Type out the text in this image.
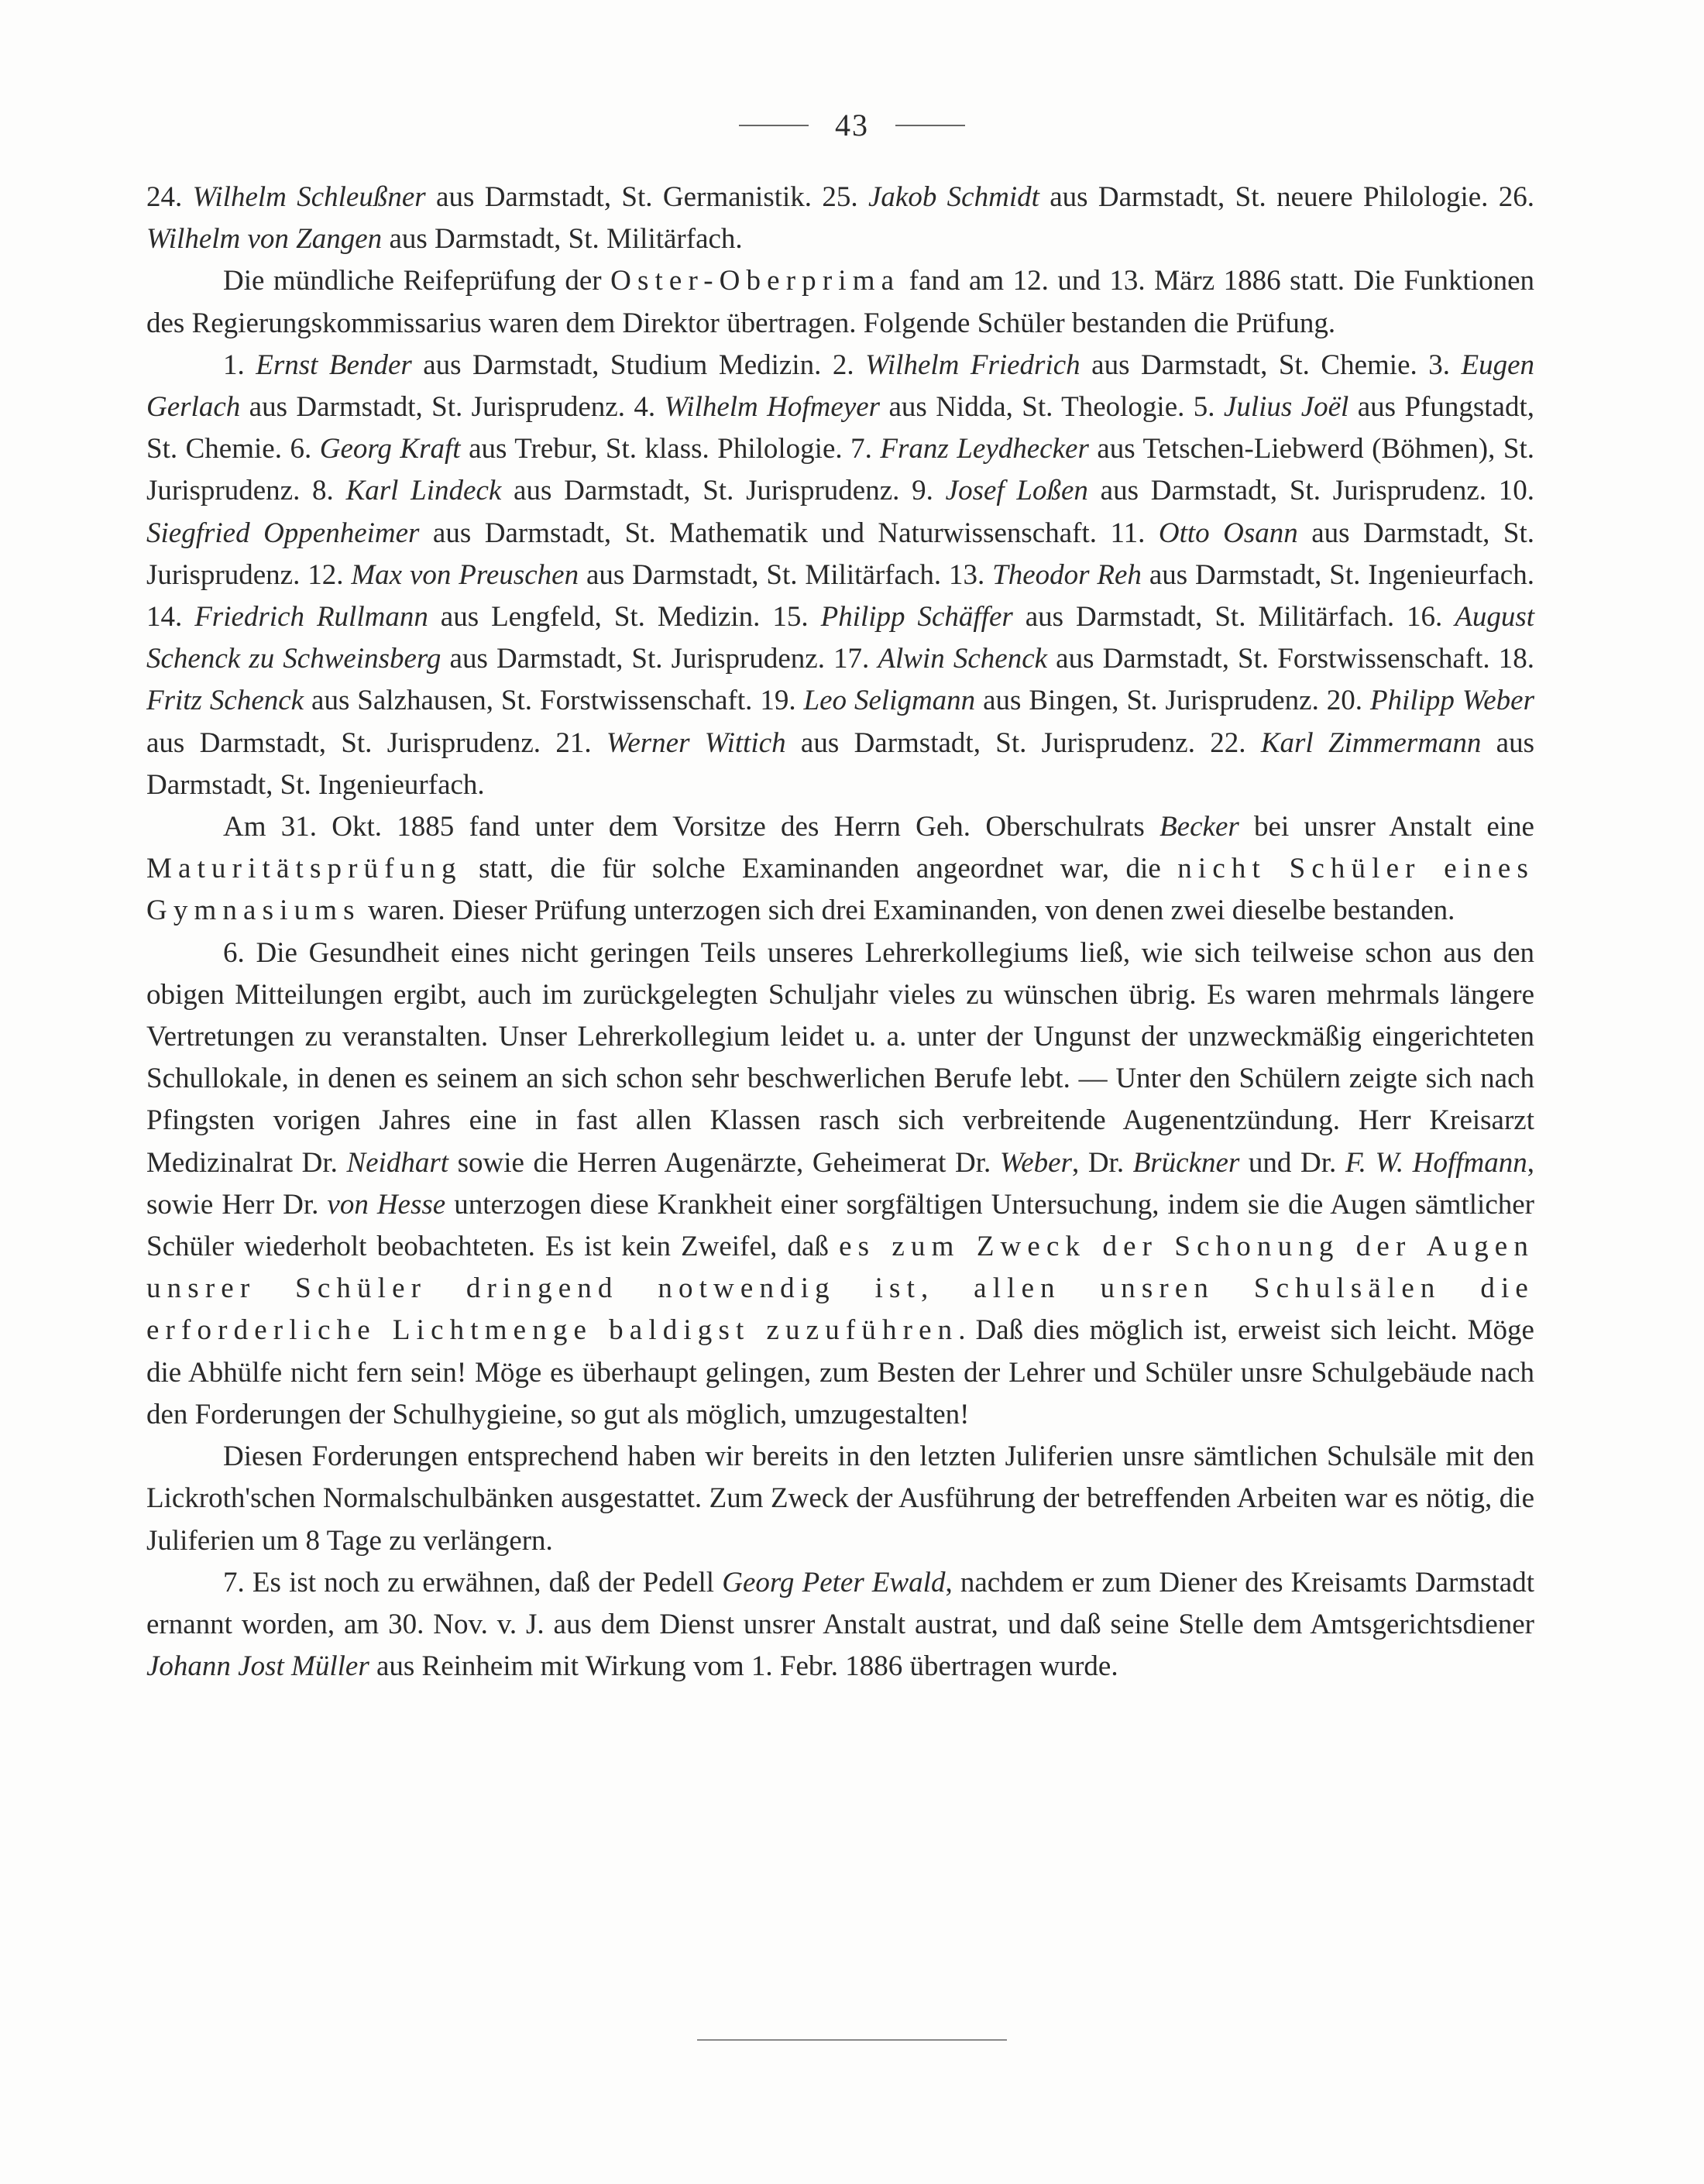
43

24. Wilhelm Schleußner aus Darmstadt, St. Germanistik. 25. Jakob Schmidt aus Darmstadt, St. neuere Philologie. 26. Wilhelm von Zangen aus Darmstadt, St. Militärfach.

Die mündliche Reifeprüfung der Oster-Oberprima fand am 12. und 13. März 1886 statt. Die Funktionen des Regierungskommissarius waren dem Direktor übertragen. Folgende Schüler bestanden die Prüfung.

1. Ernst Bender aus Darmstadt, Studium Medizin. 2. Wilhelm Friedrich aus Darmstadt, St. Chemie. 3. Eugen Gerlach aus Darmstadt, St. Jurisprudenz. 4. Wilhelm Hofmeyer aus Nidda, St. Theologie. 5. Julius Joël aus Pfungstadt, St. Chemie. 6. Georg Kraft aus Trebur, St. klass. Philologie. 7. Franz Leydhecker aus Tetschen-Liebwerd (Böhmen), St. Jurisprudenz. 8. Karl Lindeck aus Darmstadt, St. Jurisprudenz. 9. Josef Loßen aus Darmstadt, St. Jurisprudenz. 10. Siegfried Oppenheimer aus Darmstadt, St. Mathematik und Naturwissenschaft. 11. Otto Osann aus Darmstadt, St. Jurisprudenz. 12. Max von Preuschen aus Darmstadt, St. Militärfach. 13. Theodor Reh aus Darmstadt, St. Ingenieurfach. 14. Friedrich Rullmann aus Lengfeld, St. Medizin. 15. Philipp Schäffer aus Darmstadt, St. Militärfach. 16. August Schenck zu Schweinsberg aus Darmstadt, St. Jurisprudenz. 17. Alwin Schenck aus Darmstadt, St. Forstwissenschaft. 18. Fritz Schenck aus Salzhausen, St. Forstwissenschaft. 19. Leo Seligmann aus Bingen, St. Jurisprudenz. 20. Philipp Weber aus Darmstadt, St. Jurisprudenz. 21. Werner Wittich aus Darmstadt, St. Jurisprudenz. 22. Karl Zimmermann aus Darmstadt, St. Ingenieurfach.

Am 31. Okt. 1885 fand unter dem Vorsitze des Herrn Geh. Oberschulrats Becker bei unsrer Anstalt eine Maturitätsprüfung statt, die für solche Examinanden angeordnet war, die nicht Schüler eines Gymnasiums waren. Dieser Prüfung unterzogen sich drei Examinanden, von denen zwei dieselbe bestanden.

6. Die Gesundheit eines nicht geringen Teils unseres Lehrerkollegiums ließ, wie sich teilweise schon aus den obigen Mitteilungen ergibt, auch im zurückgelegten Schuljahr vieles zu wünschen übrig. Es waren mehrmals längere Vertretungen zu veranstalten. Unser Lehrerkollegium leidet u. a. unter der Ungunst der unzweckmäßig eingerichteten Schullokale, in denen es seinem an sich schon sehr beschwerlichen Berufe lebt. — Unter den Schülern zeigte sich nach Pfingsten vorigen Jahres eine in fast allen Klassen rasch sich verbreitende Augenentzündung. Herr Kreisarzt Medizinalrat Dr. Neidhart sowie die Herren Augenärzte, Geheimerat Dr. Weber, Dr. Brückner und Dr. F. W. Hoffmann, sowie Herr Dr. von Hesse unterzogen diese Krankheit einer sorgfältigen Untersuchung, indem sie die Augen sämtlicher Schüler wiederholt beobachteten. Es ist kein Zweifel, daß es zum Zweck der Schonung der Augen unsrer Schüler dringend notwendig ist, allen unsren Schulsälen die erforderliche Lichtmenge baldigst zuzuführen. Daß dies möglich ist, erweist sich leicht. Möge die Abhülfe nicht fern sein! Möge es überhaupt gelingen, zum Besten der Lehrer und Schüler unsre Schulgebäude nach den Forderungen der Schulhygieine, so gut als möglich, umzugestalten!

Diesen Forderungen entsprechend haben wir bereits in den letzten Juliferien unsre sämtlichen Schulsäle mit den Lickroth'schen Normalschulbänken ausgestattet. Zum Zweck der Ausführung der betreffenden Arbeiten war es nötig, die Juliferien um 8 Tage zu verlängern.

7. Es ist noch zu erwähnen, daß der Pedell Georg Peter Ewald, nachdem er zum Diener des Kreisamts Darmstadt ernannt worden, am 30. Nov. v. J. aus dem Dienst unsrer Anstalt austrat, und daß seine Stelle dem Amtsgerichtsdiener Johann Jost Müller aus Reinheim mit Wirkung vom 1. Febr. 1886 übertragen wurde.
